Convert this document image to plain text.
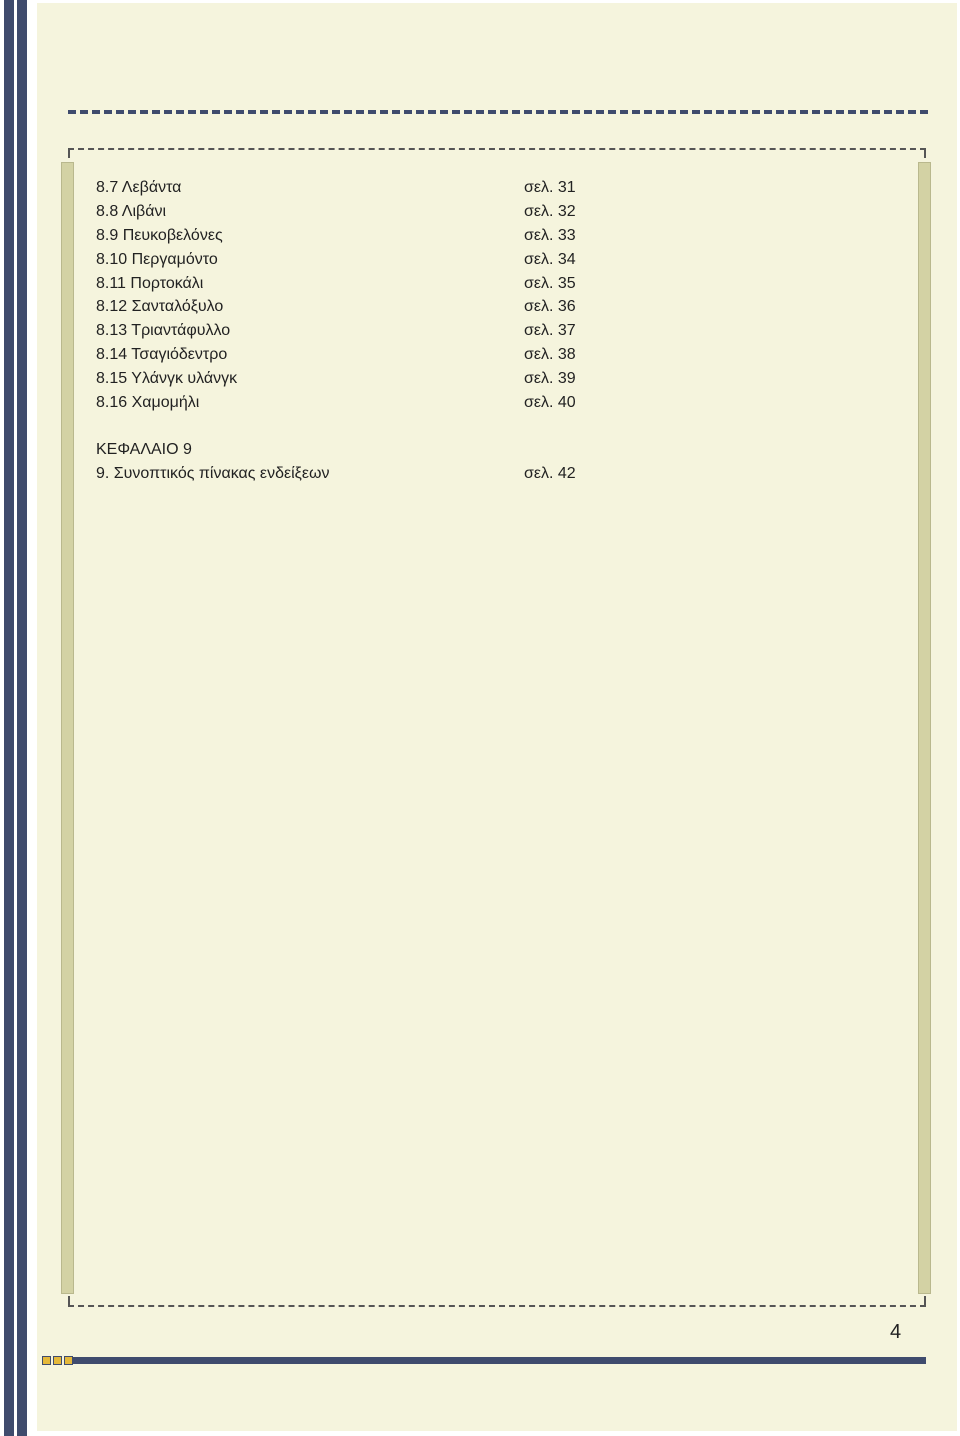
8.7 Λεβάντα	σελ. 31
8.8 Λιβάνι	σελ. 32
8.9 Πευκοβελόνες	σελ. 33
8.10 Περγαμόντο	σελ. 34
8.11 Πορτοκάλι	σελ. 35
8.12 Σανταλόξυλο	σελ. 36
8.13 Τριαντάφυλλο	σελ. 37
8.14 Τσαγιόδεντρο	σελ. 38
8.15 Υλάνγκ υλάνγκ	σελ. 39
8.16 Χαμομήλι	σελ. 40
ΚΕΦΑΛΑΙΟ 9
9. Συνοπτικός πίνακας ενδείξεων	σελ. 42
4
